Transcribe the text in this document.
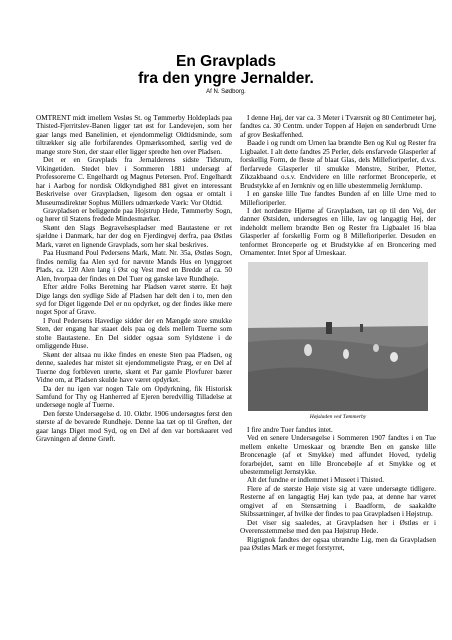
En Gravplads
fra den yngre Jernalder.
Af N. Sødborg.

OMTRENT midt imellem Vesløs St. og Tømmerby Holdeplads paa Thisted-Fjerritslev-Banen ligger tæt øst for Landevejen, som her gaar langs med Banelinien, et ejendommeligt Oldtidsminde, som tiltrækker sig alle forbifarendes Opmærksomhed, særlig ved de mange store Sten, der staar eller ligger spredte hen over Pladsen.

Det er en Gravplads fra Jernalderens sidste Tidsrum, Vikingetiden. Stedet blev i Sommeren 1881 undersøgt af Professorerne C. Engelhardt og Magnus Petersen. Prof. Engelhardt har i Aarbog for nordisk Oldkyndighed 881 givet en interessant Beskrivelse over Gravpladsen, ligesom den ogsaa er omtalt i Museumsdirektør Sophus Müllers udmærkede Værk: Vor Oldtid.

Gravpladsen er beliggende paa Hojstrup Hede, Tømmerby Sogn, og hører til Statens fredede Mindesmærker.

Skønt den Slags Begravelsespladser med Bautastene er ret sjældne i Danmark, har der dog en Fjerdingvej derfra, paa Østløs Mark, været en lignende Gravplads, som her skal beskrives.

Paa Husmand Poul Pedersens Mark, Matr. Nr. 35a, Østløs Sogn, findes nemlig faa Alen syd for nævnte Mands Hus en lynggroet Plads, ca. 120 Alen lang i Øst og Vest med en Bredde af ca. 50 Alen, hvorpaa der findes en Del Tuer og ganske lave Rundhøje.

Efter ældre Folks Beretning har Pladsen været større. Et højt Dige langs den sydlige Side af Pladsen har delt den i to, men den syd for Diget liggende Del er nu opdyrket, og der findes ikke mere noget Spor af Grave.

I Poul Pedersens Havedige sidder der en Mængde store smukke Sten, der engang har staaet dels paa og dels mellem Tuerne som stolte Bautastene. En Del sidder ogsaa som Syldstene i de omliggende Huse.

Skønt der altsaa nu ikke findes en eneste Sten paa Pladsen, og denne, saaledes har mistet sit ejendommeligste Præg, er en Del af Tuerne dog forbleven urørte, skønt et Par gamle Plovfurer bærer Vidne om, at Pladsen skulde have været opdyrket.

Da der nu igen var nogen Tale om Opdyrkning, fik Historisk Samfund for Thy og Hanherred af Ejeren beredvillig Tilladelse at undersøge nogle af Tuerne.

Den første Undersøgelse d. 10. Oktbr. 1906 undersøgtes først den største af de bevarede Rundhøje. Denne laa tæt op til Grøften, der gaar langs Diget mod Syd, og en Del af den var bortskaaret ved Gravningen af denne Grøft.

I denne Høj, der var ca. 3 Meter i Tværsnit og 80 Centimeter høj, fandtes ca. 30 Centm. under Toppen af Højen en sønderbrudt Urne af grov Beskaffenhed.

Baade i og rundt om Urnen laa brændte Ben og Kul og Rester fra Ligbaalet. I alt dette fandtes 25 Perler, dels ensfarvede Glasperler af forskellig Form, de fleste af blaat Glas, dels Millefioriperler, d.v.s. flerfarvede Glasperler til smukke Mønstre, Striber, Pletter, Zikzakbaand o.s.v. Endvidere en lille rørformet Bronceperle, et Brudstykke af en Jernkniv og en lille ubestemmelig Jernklump.

I en ganske lille Tue fandtes Bunden af en lille Urne med to Millefioriperler.

I det nordøstre Hjørne af Gravpladsen, tæt op til den Vej, der danner Østsiden, undersøgtes en lille, lav og langagtig Høj, der indeholdt mellem brændte Ben og Rester fra Ligbaalet 16 blaa Glasperler af forskellig Form og 8 Millefioriperler. Desuden en tenformet Bronceperle og et Brudstykke af en Broncering med Ornamenter. Intet Spor af Urneskaar.

Højsladen ved Tømmerby

I fire andre Tuer fandtes intet.

Ved en senere Undersøgelse i Sommeren 1907 fandtes i en Tue mellem enkelte Urneskaar og brændte Ben en ganske lille Broncenagle (af et Smykke) med affundet Hoved, tydelig forarbejdet, samt en lille Broncebøjle af et Smykke og et ubestemmeligt Jernstykke.

Alt det fundne er indlemmet i Museet i Thisted.

Flere af de største Høje viste sig at være undersøgte tidligere. Resterne af en langagtig Høj kan tyde paa, at denne har været omgivet af en Stensætning i Baadform, de saakaldte Skibssætninger, af hvilke der findes to paa Gravpladsen i Højstrup.

Det viser sig saaledes, at Gravpladsen her i Østløs er i Overensstemmelse med den paa Højstrup Hede.

Rigtignok fandtes der ogsaa ubrændte Lig, men da Gravpladsen paa Østløs Mark er meget forstyrret,
